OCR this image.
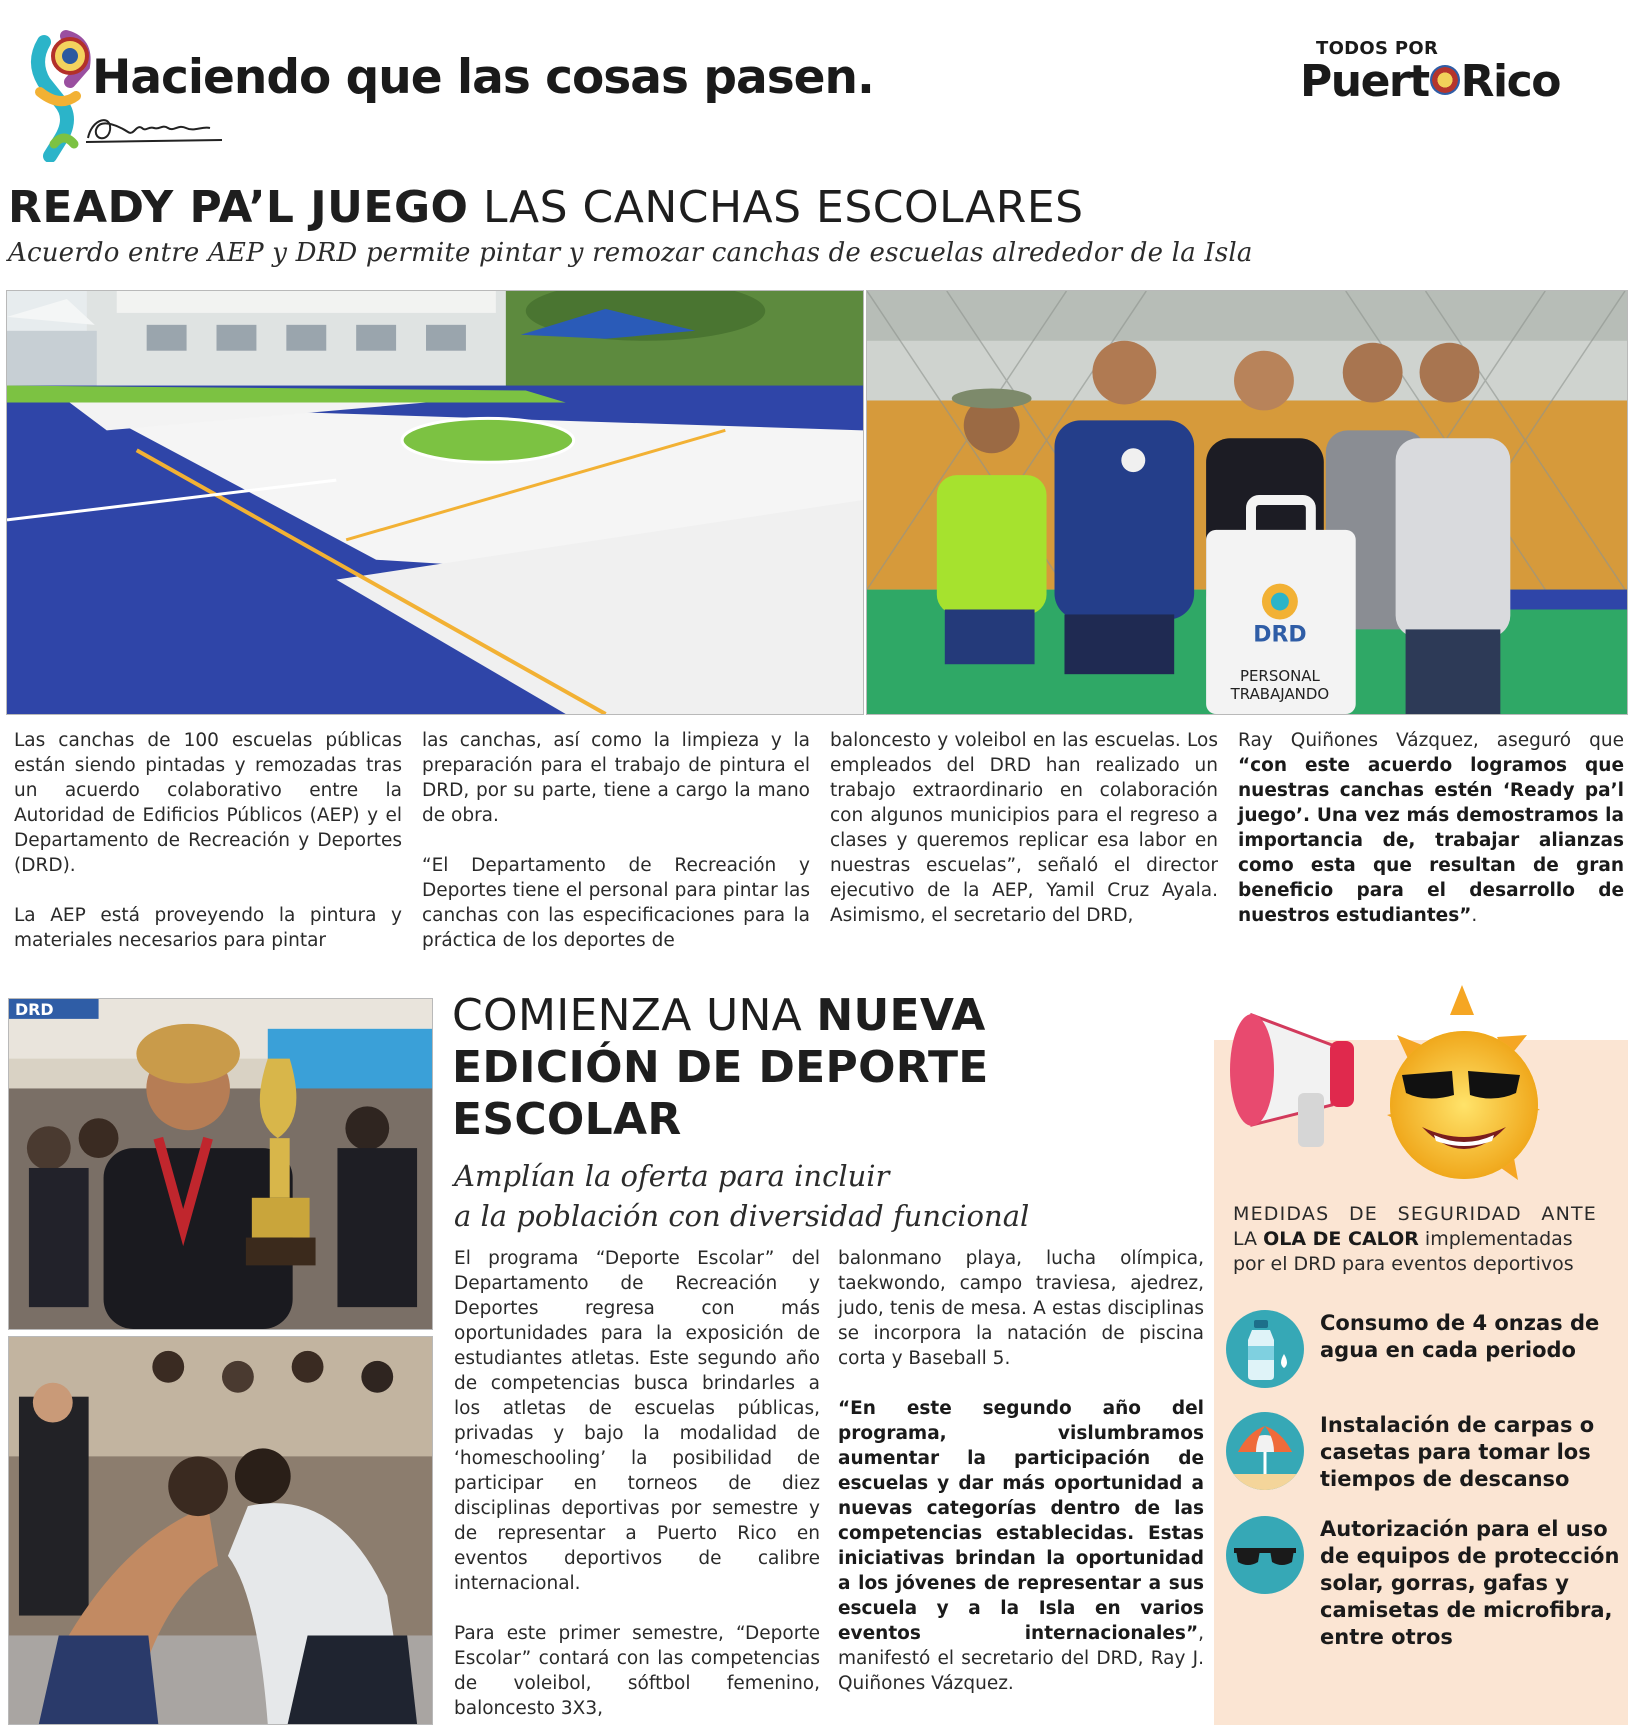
Haciendo que las cosas pasen.
TODOS POR
Puert Rico
READY PA’L JUEGO LAS CANCHAS ESCOLARES
Acuerdo entre AEP y DRD permite pintar y remozar canchas de escuelas alrededor de la Isla
DRD
PERSONAL
TRABAJANDO

Las canchas de 100 escuelas públicas están siendo pintadas y remozadas tras un acuerdo colaborativo entre la Autoridad de Edificios Públicos (AEP) y el Departamento de Recreación y Deportes (DRD).

La AEP está proveyendo la pintura y materiales necesarios para pintar

las canchas, así como la limpieza y la preparación para el trabajo de pintura el DRD, por su parte, tiene a cargo la mano de obra.

“El Departamento de Recreación y Deportes tiene el personal para pintar las canchas con las especificaciones para la práctica de los deportes de

baloncesto y voleibol en las escuelas. Los empleados del DRD han realizado un trabajo extraordinario en colaboración con algunos municipios para el regreso a clases y queremos replicar esa labor en nuestras escuelas”, señaló el director ejecutivo de la AEP, Yamil Cruz Ayala. Asimismo, el secretario del DRD,

Ray Quiñones Vázquez, aseguró que “con este acuerdo logramos que nuestras canchas estén ‘Ready pa’l juego’. Una vez más demostramos la importancia de, trabajar alianzas como esta que resultan de gran beneficio para el desarrollo de nuestros estudiantes”.

DRD	COMIENZA UNA NUEVA EDICIÓN DE DEPORTE ESCOLAR
Amplían la oferta para incluir
a la población con diversidad funcional

El programa “Deporte Escolar” del Departamento de Recreación y Deportes regresa con más oportunidades para la exposición de estudiantes atletas. Este segundo año de competencias busca brindarles a los atletas de escuelas públicas, privadas y bajo la modalidad de ‘homeschooling’ la posibilidad de participar en torneos de diez disciplinas deportivas por semestre y de representar a Puerto Rico en eventos deportivos de calibre internacional.

Para este primer semestre, “Deporte Escolar” contará con las competencias de voleibol, sóftbol femenino, baloncesto 3X3,

balonmano playa, lucha olímpica, taekwondo, campo traviesa, ajedrez, judo, tenis de mesa. A estas disciplinas se incorpora la natación de piscina corta y Baseball 5.

“En este segundo año del programa, vislumbramos aumentar la participación de escuelas y dar más oportunidad a nuevas categorías dentro de las competencias establecidas. Estas iniciativas brindan la oportunidad a los jóvenes de representar a sus escuela y a la Isla en varios eventos internacionales”, manifestó el secretario del DRD, Ray J. Quiñones Vázquez.

MEDIDAS DE SEGURIDAD ANTE
LA OLA DE CALOR implementadas
por el DRD para eventos deportivos
Consumo de 4 onzas de agua en cada periodo
Instalación de carpas o casetas para tomar los tiempos de descanso
Autorización para el uso de equipos de protección solar, gorras, gafas y camisetas de microfibra, entre otros
